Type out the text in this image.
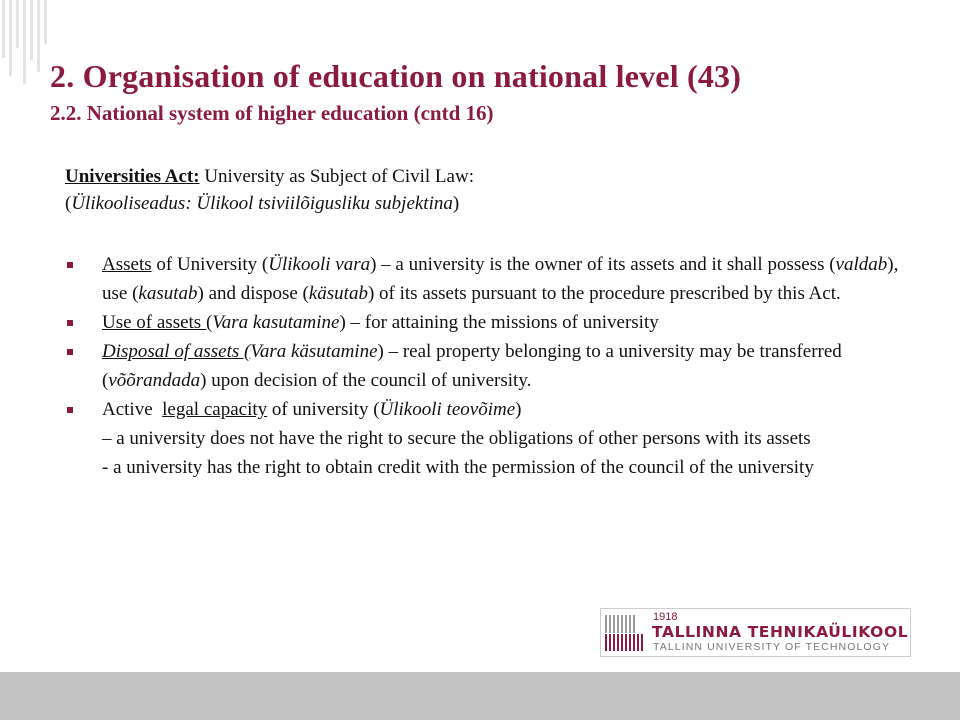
2. Organisation of education on national level (43)
2.2. National system of higher education (cntd 16)
Universities Act: University as Subject of Civil Law:
(Ülikooliseadus: Ülikool tsiviilõigusliku subjektina)
Assets of University (Ülikooli vara) – a university is the owner of its assets and it shall possess (valdab), use (kasutab) and dispose (käsutab) of its assets pursuant to the procedure prescribed by this Act.
Use of assets (Vara kasutamine) – for attaining the missions of university
Disposal of assets (Vara käsutamine) – real property belonging to a university may be transferred (võõrandada) upon decision of the council of university.
Active  legal capacity of university (Ülikooli teovõime)
– a university does not have the right to secure the obligations of other persons with its assets
- a university has the right to obtain credit with the permission of the council of the university
1918
TALLINNA TEHNIKAÜLIKOOL
TALLINN UNIVERSITY OF TECHNOLOGY
